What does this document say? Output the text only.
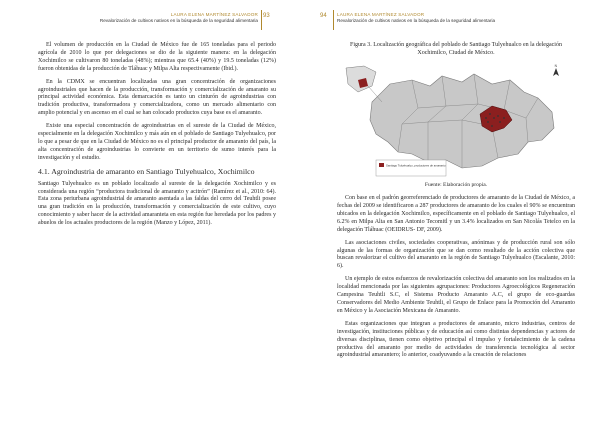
LAURA ELENA MARTÍNEZ SALVADOR
Revalorización de cultivos nativos en la búsqueda de la seguridad alimentaria
93

El volumen de producción en la Ciudad de México fue de 165 toneladas para el periodo agrícola de 2010 lo que por delegaciones se dio de la siguiente manera: en la delegación Xochimilco se cultivaron 80 toneladas (48%); mientras que 65.4 (40%) y 19.5 toneladas (12%) fueron obtenidas de la producción de Tláhuac y Milpa Alta respectivamente (Ibid.).

En la CDMX se encuentran localizadas una gran concentración de organizaciones agroindustriales que hacen de la producción, transformación y comercialización de amaranto su principal actividad económica. Esta demarcación es tanto un cinturón de agroindustrias con tradición productiva, transformadora y comercializadora, como un mercado alimentario con amplio potencial y en ascenso en el cual se han colocado productos cuya base es el amaranto.

Existe una especial concentración de agroindustrias en el sureste de la Ciudad de México, especialmente en la delegación Xochimilco y más aún en el poblado de Santiago Tulyehualco, por lo que a pesar de que en la Ciudad de México no es el principal productor de amaranto del país, la alta concentración de agroindustrias lo convierte en un territorio de sumo interés para la investigación y el estudio.

4.1. Agroindustria de amaranto en Santiago Tulyehualco, Xochimilco

Santiago Tulyehualco es un poblado localizado al sureste de la delegación Xochimilco y es considerada una región “productora tradicional de amaranto y acitrón” (Ramírez et al., 2010: 64). Esta zona periurbana agroindustrial de amaranto asentada a las faldas del cerro del Teuhtli posee una gran tradición en la producción, transformación y comercialización de este cultivo, cuyo conocimiento y saber hacer de la actividad amaranteta en esta región fue heredada por los padres y abuelos de los actuales productores de la región (Manzo y López, 2011).

94 LAURA ELENA MARTÍNEZ SALVADOR
Revalorización de cultivos nativos en la búsqueda de la seguridad alimentaria

Figura 3. Localización geográfica del poblado de Santiago Tulyehualco en la delegación Xochimilco, Ciudad de México.

Santiago Tulyehualco, productores de amaranto
N

Fuente: Elaboración propia.

Con base en el padrón georreferenciado de productores de amaranto de la Ciudad de México, a fechas del 2009 se identificaron a 287 productores de amaranto de los cuales el 90% se encuentran ubicados en la delegación Xochimilco, específicamente en el poblado de Santiago Tulyehualco, el 6.2% en Milpa Alta en San Antonio Tecomitl y un 3.4% localizados en San Nicolás Tetelco en la delegación Tláhuac (OEIDRUS- DF, 2009).

Las asociaciones civiles, sociedades cooperativas, anónimas y de producción rural son sólo algunas de las formas de organización que se dan como resultado de la acción colectiva que buscan revalorizar el cultivo del amaranto en la región de Santiago Tulyehualco (Escalante, 2010: 6).

Un ejemplo de estos esfuerzos de revalorización colectiva del amaranto son los realizados en la localidad mencionada por las siguientes agrupaciones: Productores Agroecológicos Regeneración Campesina Teuhtli S.C, el Sistema Producto Amaranto A.C, el grupo de eco-guardas Conservadores del Medio Ambiente Teuhtli, el Grupo de Enlace para la Promoción del Amaranto en México y la Asociación Mexicana de Amaranto.

Estas organizaciones que integran a productores de amaranto, micro industrias, centros de investigación, instituciones públicas y de educación así como distintas dependencias y actores de diversas disciplinas, tienen como objetivo principal el impulso y fortalecimiento de la cadena productiva del amaranto por medio de actividades de transferencia tecnológica al sector agroindustrial amarantero; lo anterior, coadyuvando a la creación de relaciones
